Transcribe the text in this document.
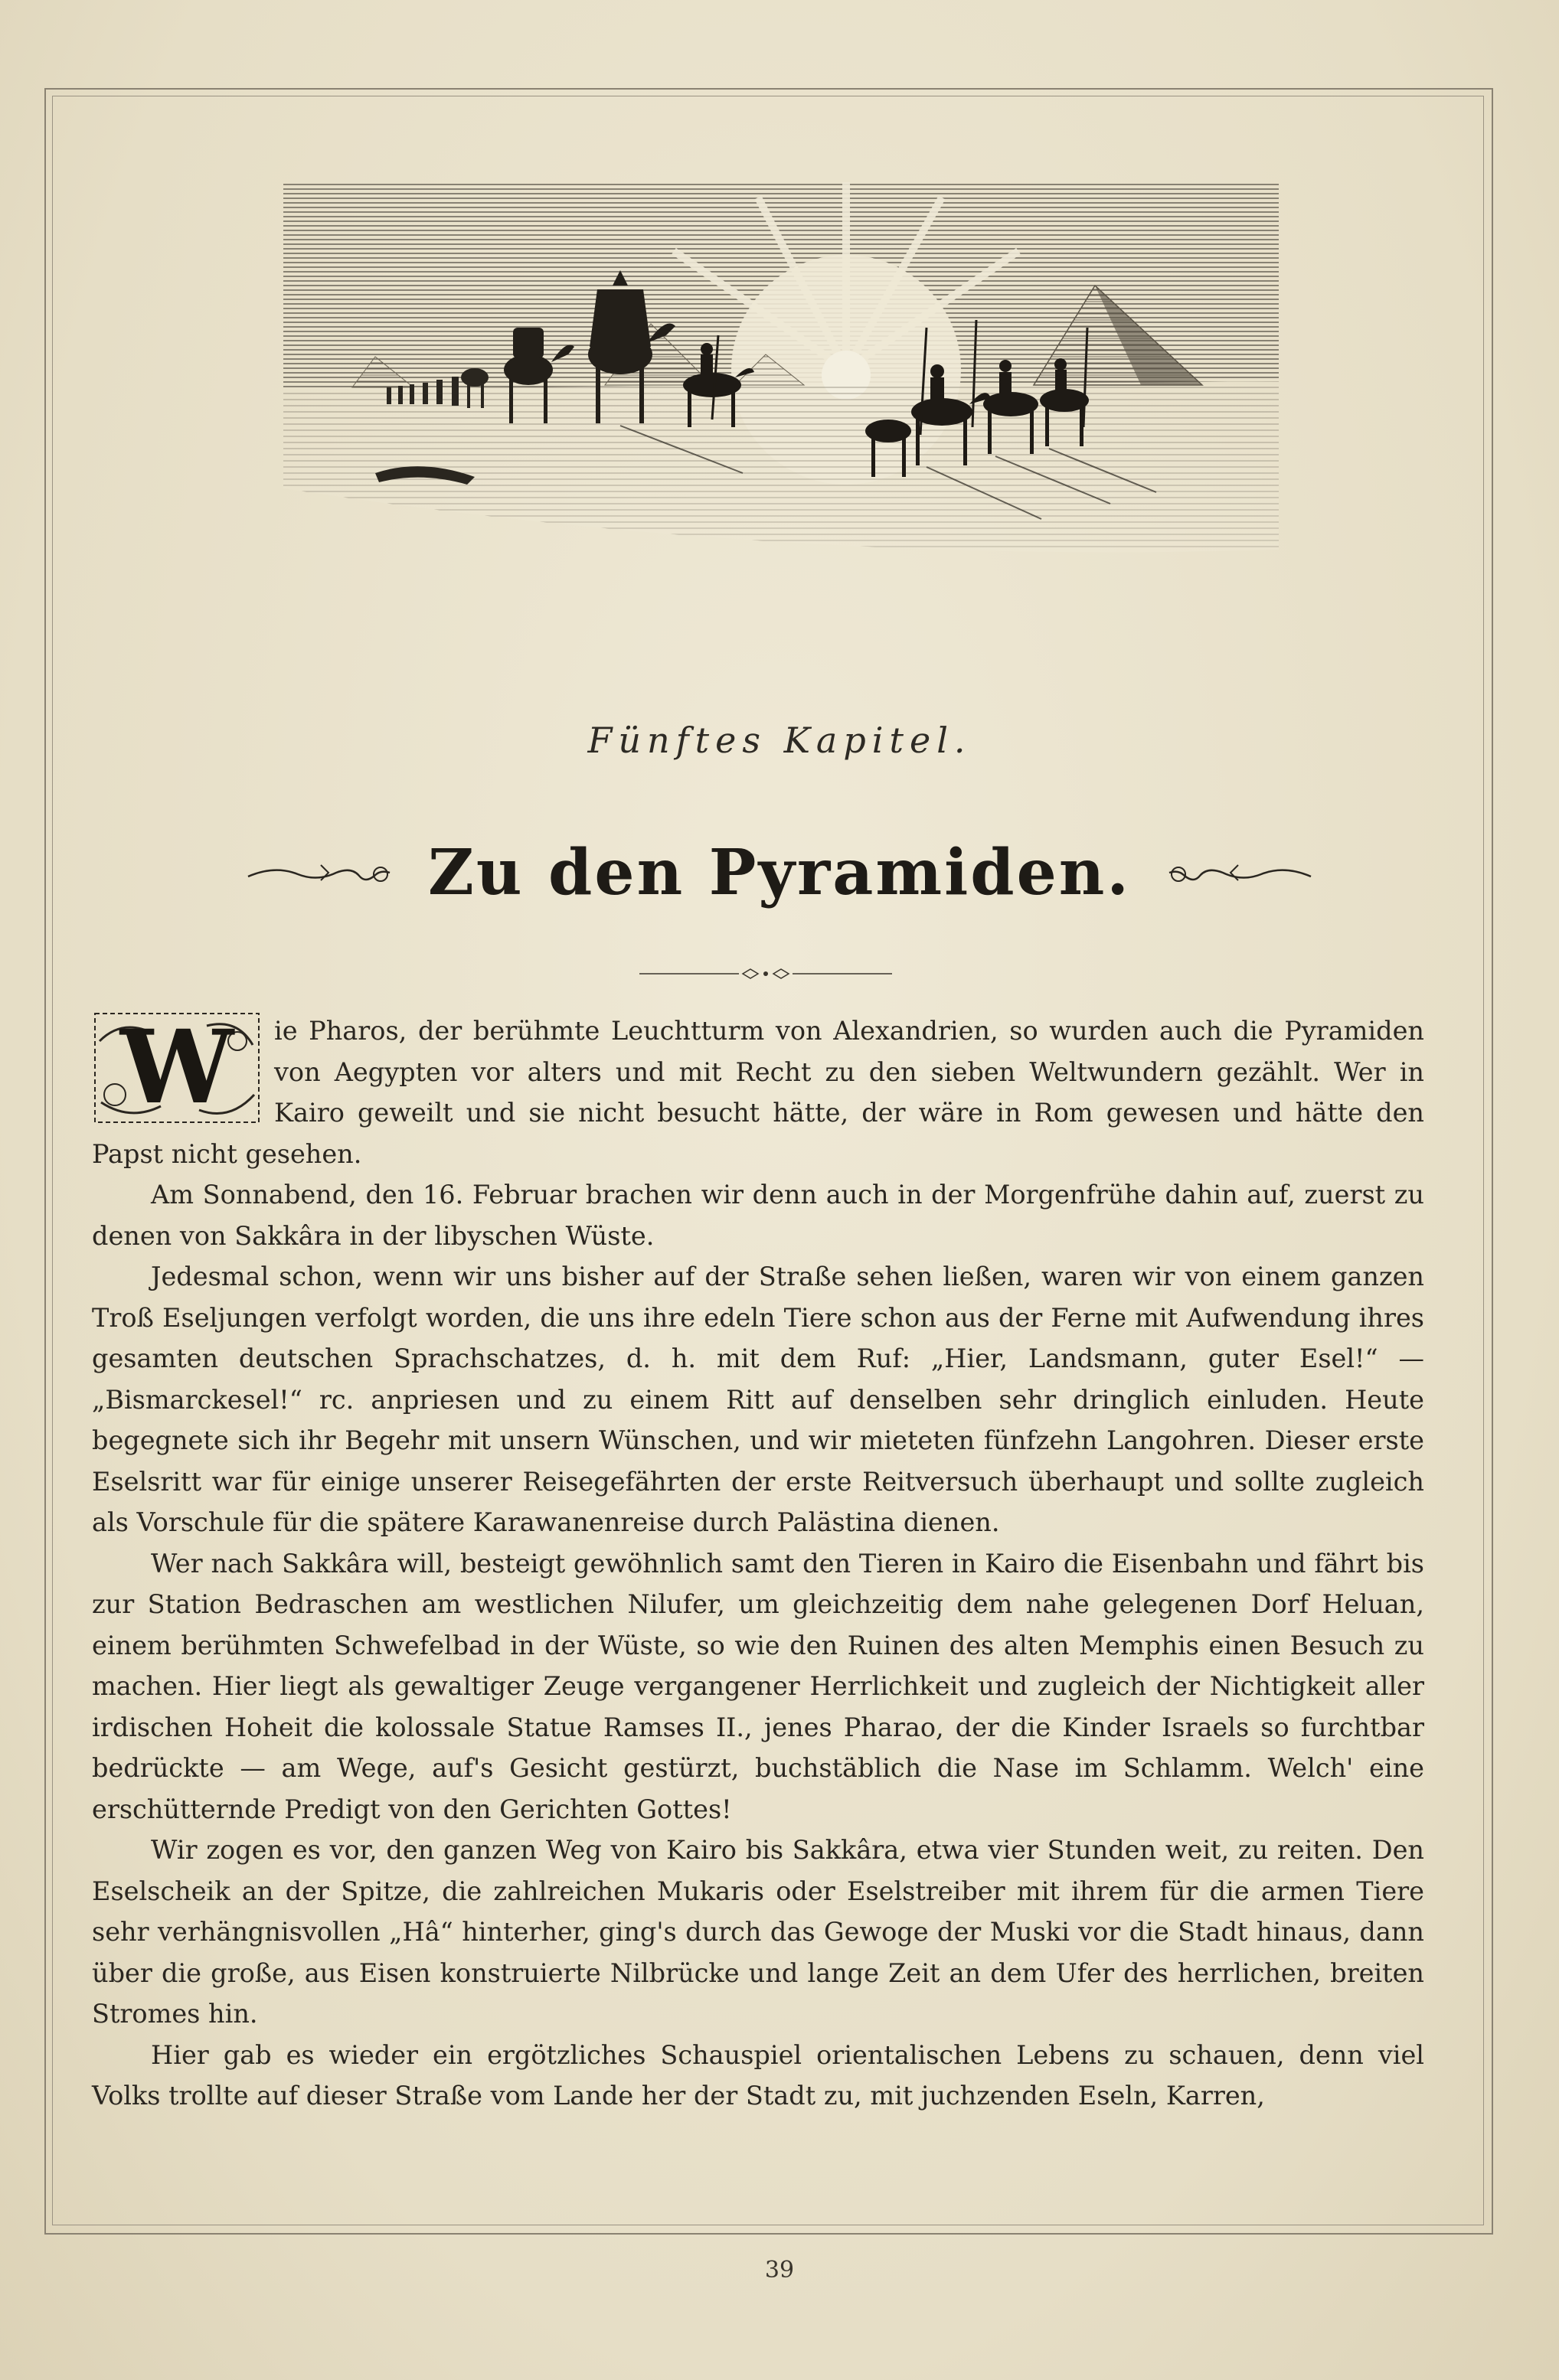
Fünftes Kapitel.
Zu den Pyramiden.

W	ie Pharos, der berühmte Leuchtturm von Alexandrien, so wurden auch die Pyramiden von Aegypten vor alters und mit Recht zu den sieben Weltwundern gezählt. Wer in Kairo geweilt und sie nicht besucht hätte, der wäre in Rom gewesen und hätte den Papst nicht gesehen.

Am Sonnabend, den 16. Februar brachen wir denn auch in der Morgenfrühe dahin auf, zuerst zu denen von Sakkâra in der libyschen Wüste.

Jedesmal schon, wenn wir uns bisher auf der Straße sehen ließen, waren wir von einem ganzen Troß Eseljungen verfolgt worden, die uns ihre edeln Tiere schon aus der Ferne mit Aufwendung ihres gesamten deutschen Sprachschatzes, d. h. mit dem Ruf: „Hier, Landsmann, guter Esel!“ — „Bismarckesel!“ rc. anpriesen und zu einem Ritt auf denselben sehr dringlich einluden. Heute begegnete sich ihr Begehr mit unsern Wünschen, und wir mieteten fünfzehn Langohren. Dieser erste Eselsritt war für einige unserer Reisegefährten der erste Reitversuch überhaupt und sollte zugleich als Vorschule für die spätere Karawanenreise durch Palästina dienen.

Wer nach Sakkâra will, besteigt gewöhnlich samt den Tieren in Kairo die Eisenbahn und fährt bis zur Station Bedraschen am westlichen Nilufer, um gleichzeitig dem nahe gelegenen Dorf Heluan, einem berühmten Schwefelbad in der Wüste, so wie den Ruinen des alten Memphis einen Besuch zu machen. Hier liegt als gewaltiger Zeuge vergangener Herrlichkeit und zugleich der Nichtigkeit aller irdischen Hoheit die kolossale Statue Ramses II., jenes Pharao, der die Kinder Israels so furchtbar bedrückte — am Wege, auf's Gesicht gestürzt, buchstäblich die Nase im Schlamm. Welch' eine erschütternde Predigt von den Gerichten Gottes!

Wir zogen es vor, den ganzen Weg von Kairo bis Sakkâra, etwa vier Stunden weit, zu reiten. Den Eselscheik an der Spitze, die zahlreichen Mukaris oder Eselstreiber mit ihrem für die armen Tiere sehr verhängnisvollen „Hâ“ hinterher, ging's durch das Gewoge der Muski vor die Stadt hinaus, dann über die große, aus Eisen konstruierte Nilbrücke und lange Zeit an dem Ufer des herrlichen, breiten Stromes hin.

Hier gab es wieder ein ergötzliches Schauspiel orientalischen Lebens zu schauen, denn viel Volks trollte auf dieser Straße vom Lande her der Stadt zu, mit juchzenden Eseln, Karren,

39
